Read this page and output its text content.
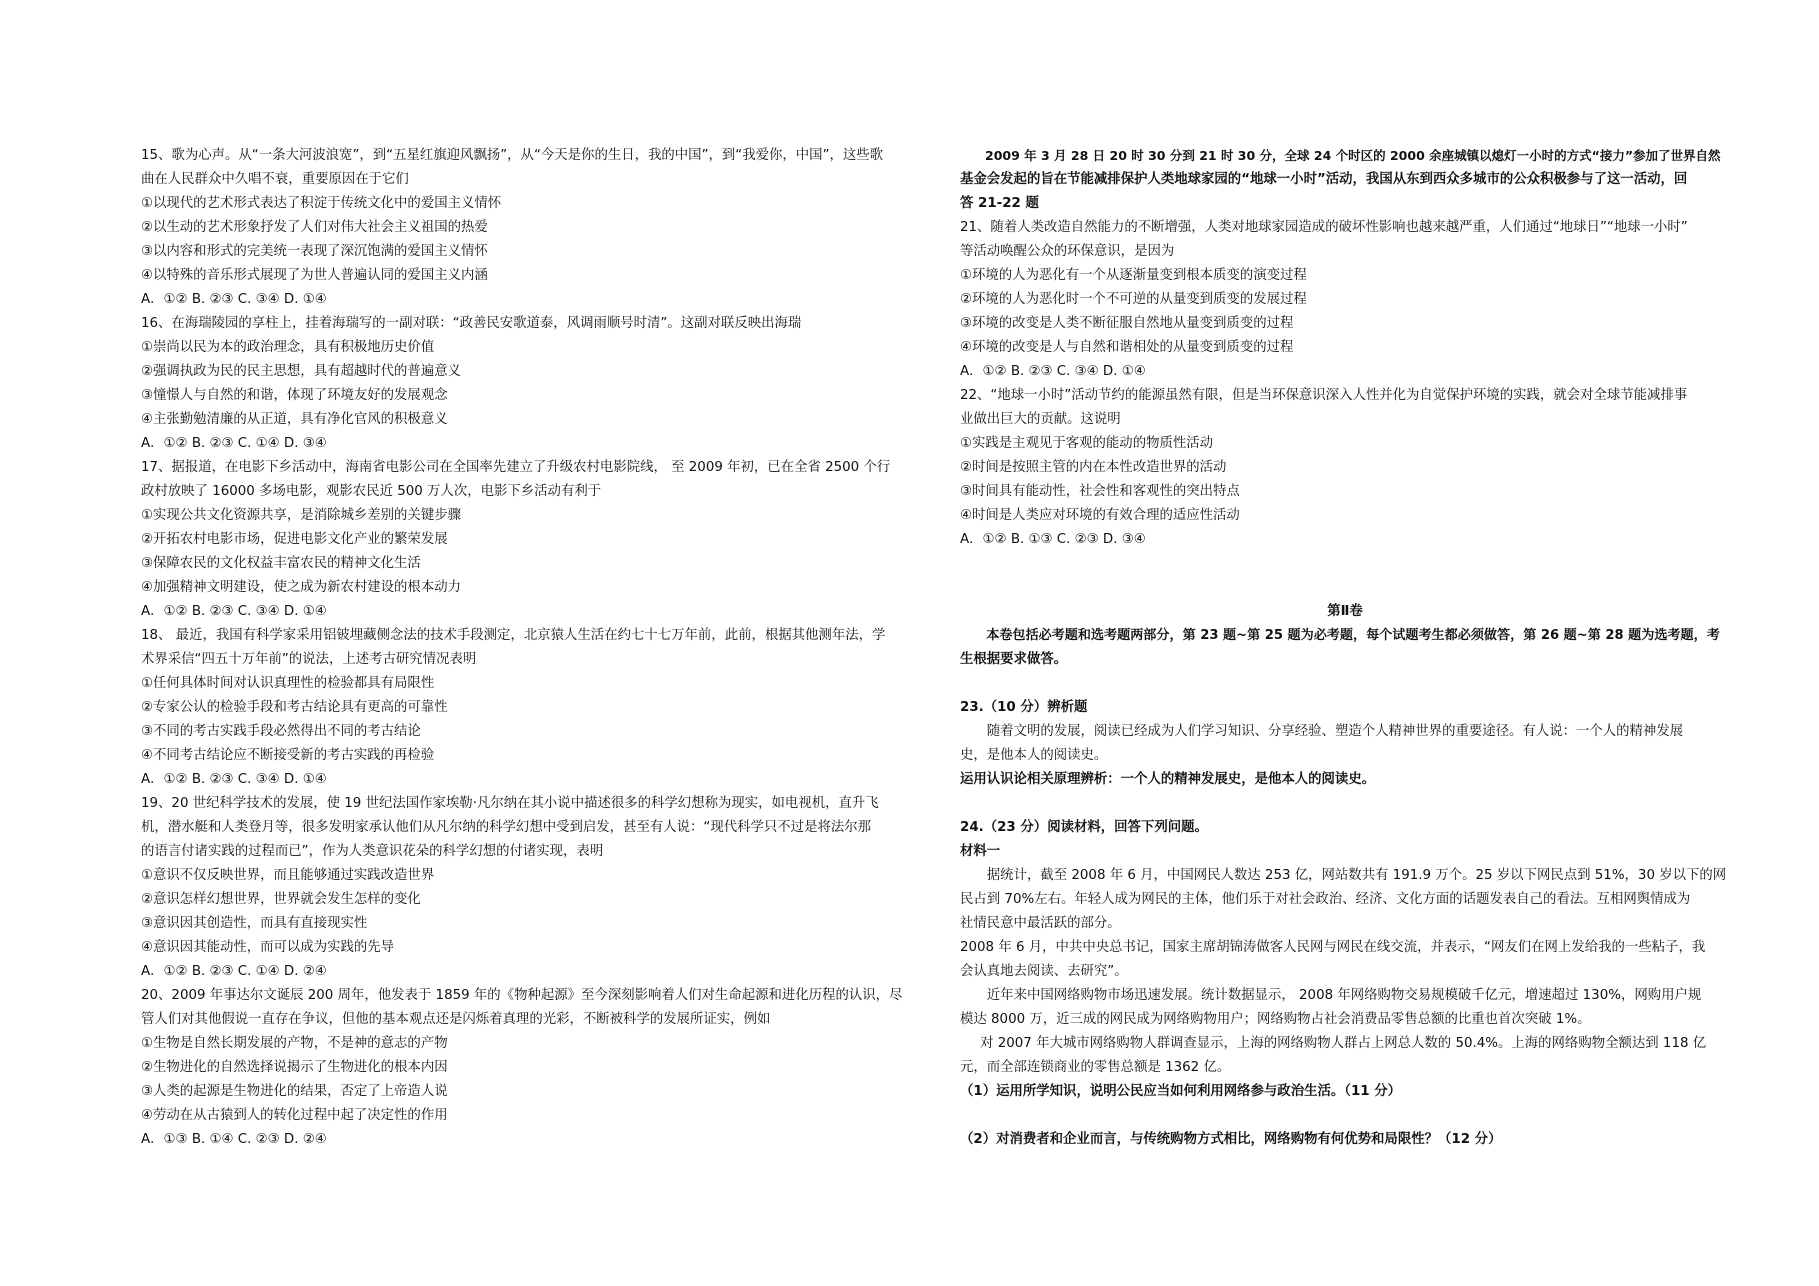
15、歌为心声。从“一条大河波浪宽”，到“五星红旗迎风飘扬”，从“今天是你的生日，我的中国”，到“我爱你，中国”，这些歌
曲在人民群众中久唱不衰，重要原因在于它们
①以现代的艺术形式表达了积淀于传统文化中的爱国主义情怀
②以生动的艺术形象抒发了人们对伟大社会主义祖国的热爱
③以内容和形式的完美统一表现了深沉饱满的爱国主义情怀
④以特殊的音乐形式展现了为世人普遍认同的爱国主义内涵
A．①② B. ②③ C. ③④ D. ①④
16、在海瑞陵园的享柱上，挂着海瑞写的一副对联：“政善民安歌道泰，风调雨顺号时清”。这副对联反映出海瑞
①崇尚以民为本的政治理念，具有积极地历史价值
②强调执政为民的民主思想，具有超越时代的普遍意义
③憧憬人与自然的和谐，体现了环境友好的发展观念
④主张勤勉清廉的从正道，具有净化官风的积极意义
A．①② B. ②③ C. ①④ D. ③④
17、据报道，在电影下乡活动中，海南省电影公司在全国率先建立了升级农村电影院线， 至 2009 年初，已在全省 2500 个行
政村放映了 16000 多场电影，观影农民近 500 万人次，电影下乡活动有利于
①实现公共文化资源共享，是消除城乡差别的关键步骤
②开拓农村电影市场，促进电影文化产业的繁荣发展
③保障农民的文化权益丰富农民的精神文化生活
④加强精神文明建设，使之成为新农村建设的根本动力
A．①② B. ②③ C. ③④ D. ①④
18、 最近，我国有科学家采用铝铍埋藏侧念法的技术手段测定，北京猿人生活在约七十七万年前，此前，根据其他测年法，学
术界采信“四五十万年前”的说法，上述考古研究情况表明
①任何具体时间对认识真理性的检验都具有局限性
②专家公认的检验手段和考古结论具有更高的可靠性
③不同的考古实践手段必然得出不同的考古结论
④不同考古结论应不断接受新的考古实践的再检验
A．①② B. ②③ C. ③④ D. ①④
19、20 世纪科学技术的发展，使 19 世纪法国作家埃勒·凡尔纳在其小说中描述很多的科学幻想称为现实，如电视机，直升飞
机，潜水艇和人类登月等，很多发明家承认他们从凡尔纳的科学幻想中受到启发，甚至有人说：“现代科学只不过是将法尔那
的语言付诸实践的过程而已”，作为人类意识花朵的科学幻想的付诸实现，表明
①意识不仅反映世界，而且能够通过实践改造世界
②意识怎样幻想世界，世界就会发生怎样的变化
③意识因其创造性，而具有直接现实性
④意识因其能动性，而可以成为实践的先导
A．①② B. ②③ C. ①④ D. ②④
20、2009 年事达尔文诞辰 200 周年，他发表于 1859 年的《物种起源》至今深刻影响着人们对生命起源和进化历程的认识，尽
管人们对其他假说一直存在争议，但他的基本观点还是闪烁着真理的光彩，不断被科学的发展所证实，例如
①生物是自然长期发展的产物，不是神的意志的产物
②生物进化的自然选择说揭示了生物进化的根本内因
③人类的起源是生物进化的结果，否定了上帝造人说
④劳动在从古猿到人的转化过程中起了决定性的作用
A．①③ B. ①④ C. ②③ D. ②④
2009 年 3 月 28 日 20 时 30 分到 21 时 30 分，全球 24 个时区的 2000 余座城镇以熄灯一小时的方式“接力”参加了世界自然
基金会发起的旨在节能减排保护人类地球家园的“地球一小时”活动，我国从东到西众多城市的公众积极参与了这一活动，回
答 21-22 题
21、随着人类改造自然能力的不断增强，人类对地球家园造成的破坏性影响也越来越严重，人们通过“地球日”“地球一小时”
等活动唤醒公众的环保意识，是因为
①环境的人为恶化有一个从逐渐量变到根本质变的演变过程
②环境的人为恶化时一个不可逆的从量变到质变的发展过程
③环境的改变是人类不断征服自然地从量变到质变的过程
④环境的改变是人与自然和谐相处的从量变到质变的过程
A．①② B. ②③ C. ③④ D. ①④
22、“地球一小时”活动节约的能源虽然有限，但是当环保意识深入人性并化为自觉保护环境的实践，就会对全球节能减排事
业做出巨大的贡献。这说明
①实践是主观见于客观的能动的物质性活动
②时间是按照主管的内在本性改造世界的活动
③时间具有能动性，社会性和客观性的突出特点
④时间是人类应对环境的有效合理的适应性活动
A．①② B. ①③ C. ②③ D. ③④
第Ⅱ卷
本卷包括必考题和选考题两部分，第 23 题~第 25 题为必考题，每个试题考生都必须做答，第 26 题~第 28 题为选考题，考
生根据要求做答。
23.（10 分）辨析题
随着文明的发展，阅读已经成为人们学习知识、分享经验、塑造个人精神世界的重要途径。有人说：一个人的精神发展
史，是他本人的阅读史。
运用认识论相关原理辨析：一个人的精神发展史，是他本人的阅读史。
24.（23 分）阅读材料，回答下列问题。
材料一
据统计，截至 2008 年 6 月，中国网民人数达 253 亿，网站数共有 191.9 万个。25 岁以下网民点到 51%，30 岁以下的网
民占到 70%左右。年轻人成为网民的主体，他们乐于对社会政治、经济、文化方面的话题发表自己的看法。互相网舆情成为
社情民意中最活跃的部分。
2008 年 6 月，中共中央总书记，国家主席胡锦涛做客人民网与网民在线交流，并表示，“网友们在网上发给我的一些粘子，我
会认真地去阅读、去研究”。
近年来中国网络购物市场迅速发展。统计数据显示， 2008 年网络购物交易规模破千亿元，增速超过 130%，网购用户规
模达 8000 万，近三成的网民成为网络购物用户；网络购物占社会消费品零售总额的比重也首次突破 1%。
对 2007 年大城市网络购物人群调查显示，上海的网络购物人群占上网总人数的 50.4%。上海的网络购物全额达到 118 亿
元，而全部连锁商业的零售总额是 1362 亿。
（1）运用所学知识，说明公民应当如何利用网络参与政治生活。（11 分）
（2）对消费者和企业而言，与传统购物方式相比，网络购物有何优势和局限性？（12 分）
